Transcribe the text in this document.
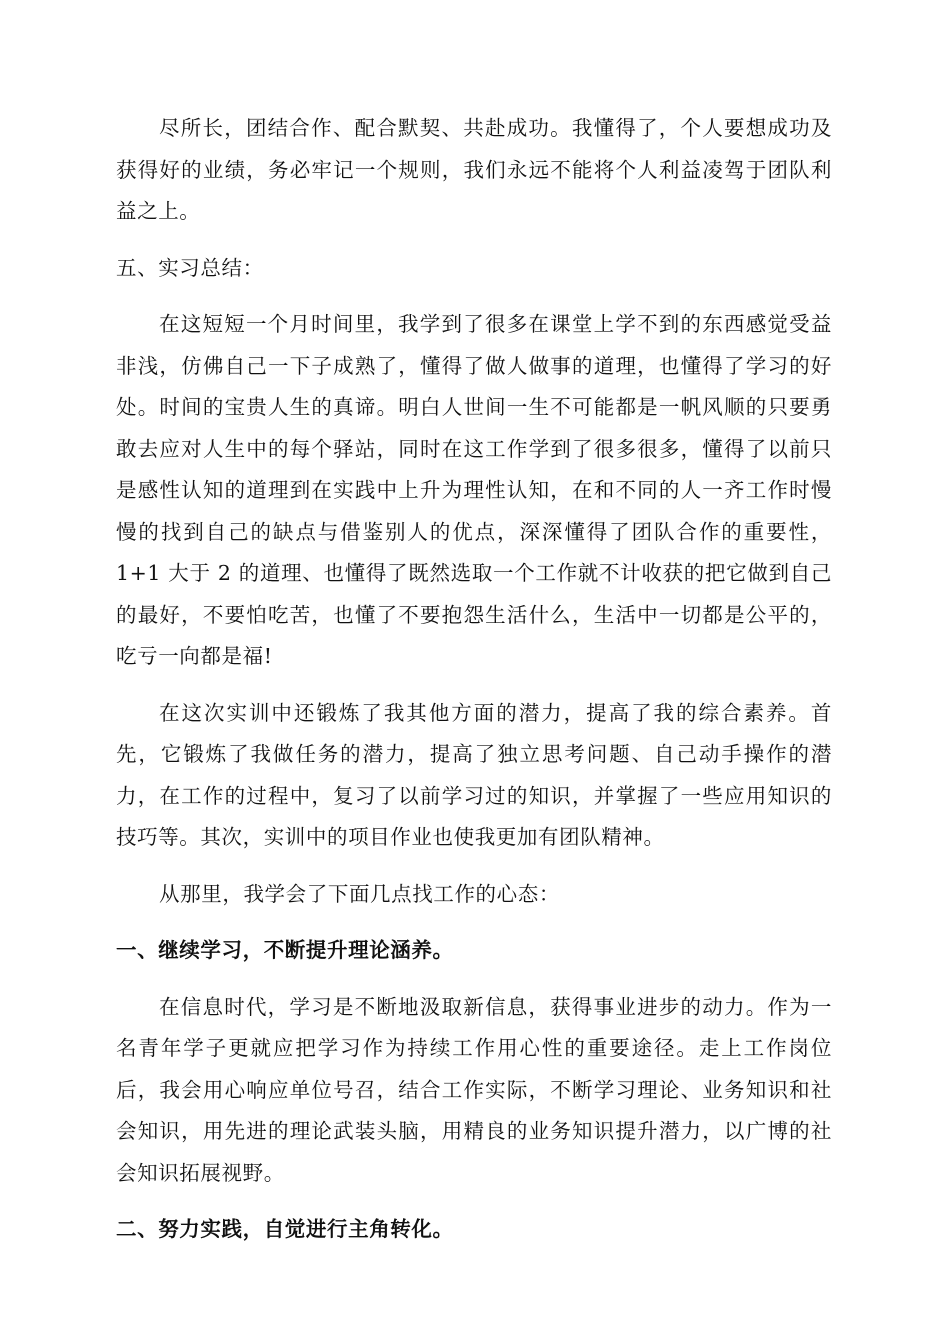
尽所长，团结合作、配合默契、共赴成功。我懂得了，个人要想成功及获得好的业绩，务必牢记一个规则，我们永远不能将个人利益凌驾于团队利益之上。

五、实习总结：

在这短短一个月时间里，我学到了很多在课堂上学不到的东西感觉受益非浅，仿佛自己一下子成熟了，懂得了做人做事的道理，也懂得了学习的好处。时间的宝贵人生的真谛。明白人世间一生不可能都是一帆风顺的只要勇敢去应对人生中的每个驿站，同时在这工作学到了很多很多，懂得了以前只是感性认知的道理到在实践中上升为理性认知，在和不同的人一齐工作时慢慢的找到自己的缺点与借鉴别人的优点，深深懂得了团队合作的重要性，1+1 大于 2 的道理、也懂得了既然选取一个工作就不计收获的把它做到自己的最好，不要怕吃苦，也懂了不要抱怨生活什么，生活中一切都是公平的，吃亏一向都是福!

在这次实训中还锻炼了我其他方面的潜力，提高了我的综合素养。首先，它锻炼了我做任务的潜力，提高了独立思考问题、自己动手操作的潜力，在工作的过程中，复习了以前学习过的知识，并掌握了一些应用知识的技巧等。其次，实训中的项目作业也使我更加有团队精神。

从那里，我学会了下面几点找工作的心态：

一、继续学习，不断提升理论涵养。

在信息时代，学习是不断地汲取新信息，获得事业进步的动力。作为一名青年学子更就应把学习作为持续工作用心性的重要途径。走上工作岗位后，我会用心响应单位号召，结合工作实际，不断学习理论、业务知识和社会知识，用先进的理论武装头脑，用精良的业务知识提升潜力，以广博的社会知识拓展视野。

二、努力实践，自觉进行主角转化。
